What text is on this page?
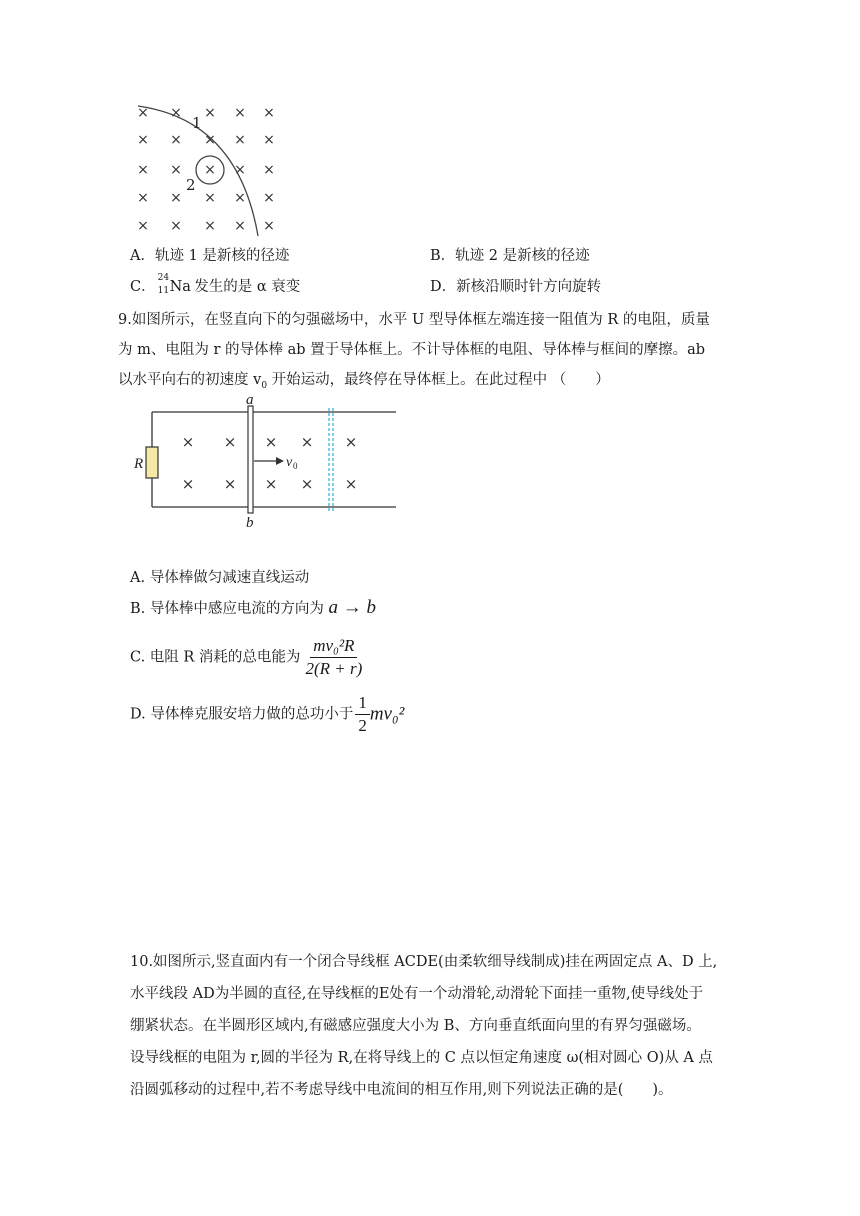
× × × × ×
× × × × ×
× × × × ×
× × × × ×
× × × × ×
1
2
A．轨迹 1 是新核的径迹	B．轨迹 2 是新核的径迹
C．
24
11 Na
发生的是 α 衰变	D．新核沿顺时针方向旋转
9.如图所示，在竖直向下的匀强磁场中，水平 U 型导体框左端连接一阻值为 R 的电阻，质量
为 m、电阻为 r 的导体棒 ab 置于导体框上。不计导体框的电阻、导体棒与框间的摩擦。ab
以水平向右的初速度 $v_0$ 开始运动，最终停在导体框上。在此过程中 （　　）
R
a
b
v 0
× × × × ×
× × × × ×
A. 导体棒做匀减速直线运动
B. 导体棒中感应电流的方向为 a → b
C. 电阻 R 消耗的总电能为 $\frac{\text{mv₀²R}}{2(R + r)}$
D. 导体棒克服安培力做的总功小于 $\frac{1}{2} mv_0^2$
10.如图所示,竖直面内有一个闭合导线框 ACDE(由柔软细导线制成)挂在两固定点 A、D 上,
水平线段 AD为半圆的直径,在导线框的E处有一个动滑轮,动滑轮下面挂一重物,使导线处于
绷紧状态。在半圆形区域内,有磁感应强度大小为 B、方向垂直纸面向里的有界匀强磁场。
设导线框的电阻为 r,圆的半径为 R,在将导线上的 C 点以恒定角速度 ω(相对圆心 O)从 A 点
沿圆弧移动的过程中,若不考虑导线中电流间的相互作用,则下列说法正确的是(　　)。
